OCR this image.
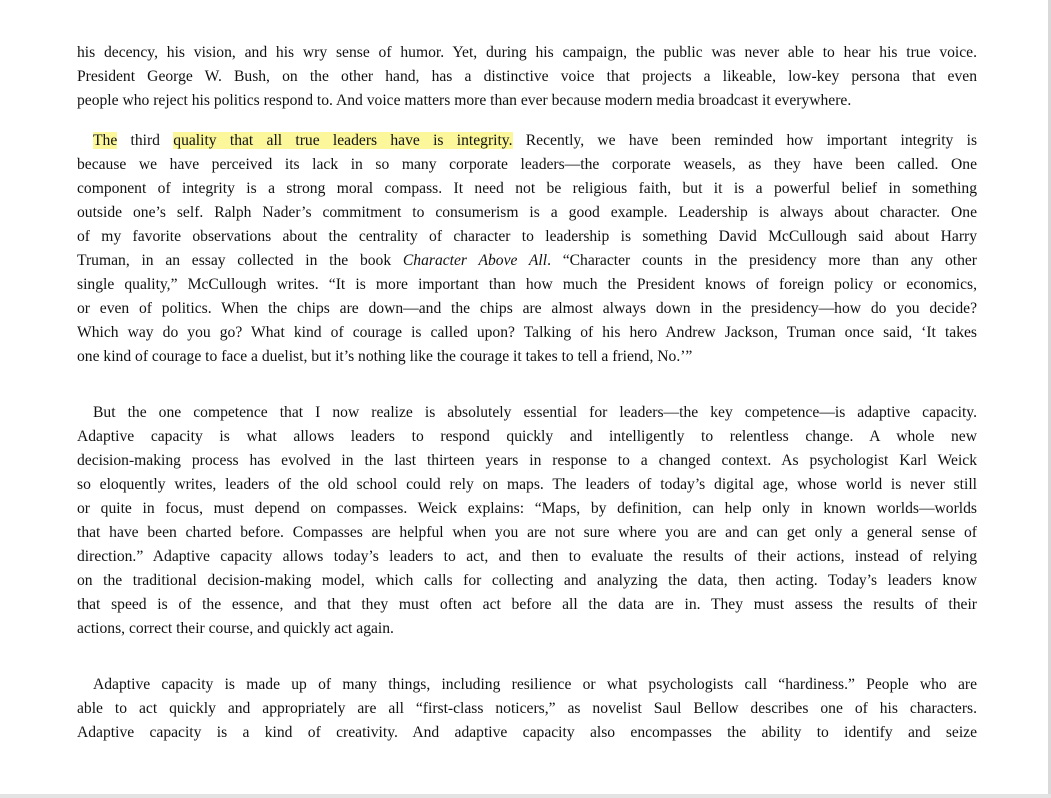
his decency, his vision, and his wry sense of humor. Yet, during his campaign, the public was never able to hear his true voice.
President George W. Bush, on the other hand, has a distinctive voice that projects a likeable, low-key persona that even
people who reject his politics respond to. And voice matters more than ever because modern media broadcast it everywhere.

The third quality that all true leaders have is integrity. Recently, we have been reminded how important integrity is
because we have perceived its lack in so many corporate leaders—the corporate weasels, as they have been called. One
component of integrity is a strong moral compass. It need not be religious faith, but it is a powerful belief in something
outside one’s self. Ralph Nader’s commitment to consumerism is a good example. Leadership is always about character. One
of my favorite observations about the centrality of character to leadership is something David McCullough said about Harry
Truman, in an essay collected in the book Character Above All. “Character counts in the presidency more than any other
single quality,” McCullough writes. “It is more important than how much the President knows of foreign policy or economics,
or even of politics. When the chips are down—and the chips are almost always down in the presidency—how do you decide?
Which way do you go? What kind of courage is called upon? Talking of his hero Andrew Jackson, Truman once said, ‘It takes
one kind of courage to face a duelist, but it’s nothing like the courage it takes to tell a friend, No.’”

But the one competence that I now realize is absolutely essential for leaders—the key competence—is adaptive capacity.
Adaptive capacity is what allows leaders to respond quickly and intelligently to relentless change. A whole new
decision-making process has evolved in the last thirteen years in response to a changed context. As psychologist Karl Weick
so eloquently writes, leaders of the old school could rely on maps. The leaders of today’s digital age, whose world is never still
or quite in focus, must depend on compasses. Weick explains: “Maps, by definition, can help only in known worlds—worlds
that have been charted before. Compasses are helpful when you are not sure where you are and can get only a general sense of
direction.” Adaptive capacity allows today’s leaders to act, and then to evaluate the results of their actions, instead of relying
on the traditional decision-making model, which calls for collecting and analyzing the data, then acting. Today’s leaders know
that speed is of the essence, and that they must often act before all the data are in. They must assess the results of their
actions, correct their course, and quickly act again.

Adaptive capacity is made up of many things, including resilience or what psychologists call “hardiness.” People who are
able to act quickly and appropriately are all “first-class noticers,” as novelist Saul Bellow describes one of his characters.
Adaptive capacity is a kind of creativity. And adaptive capacity also encompasses the ability to identify and seize
